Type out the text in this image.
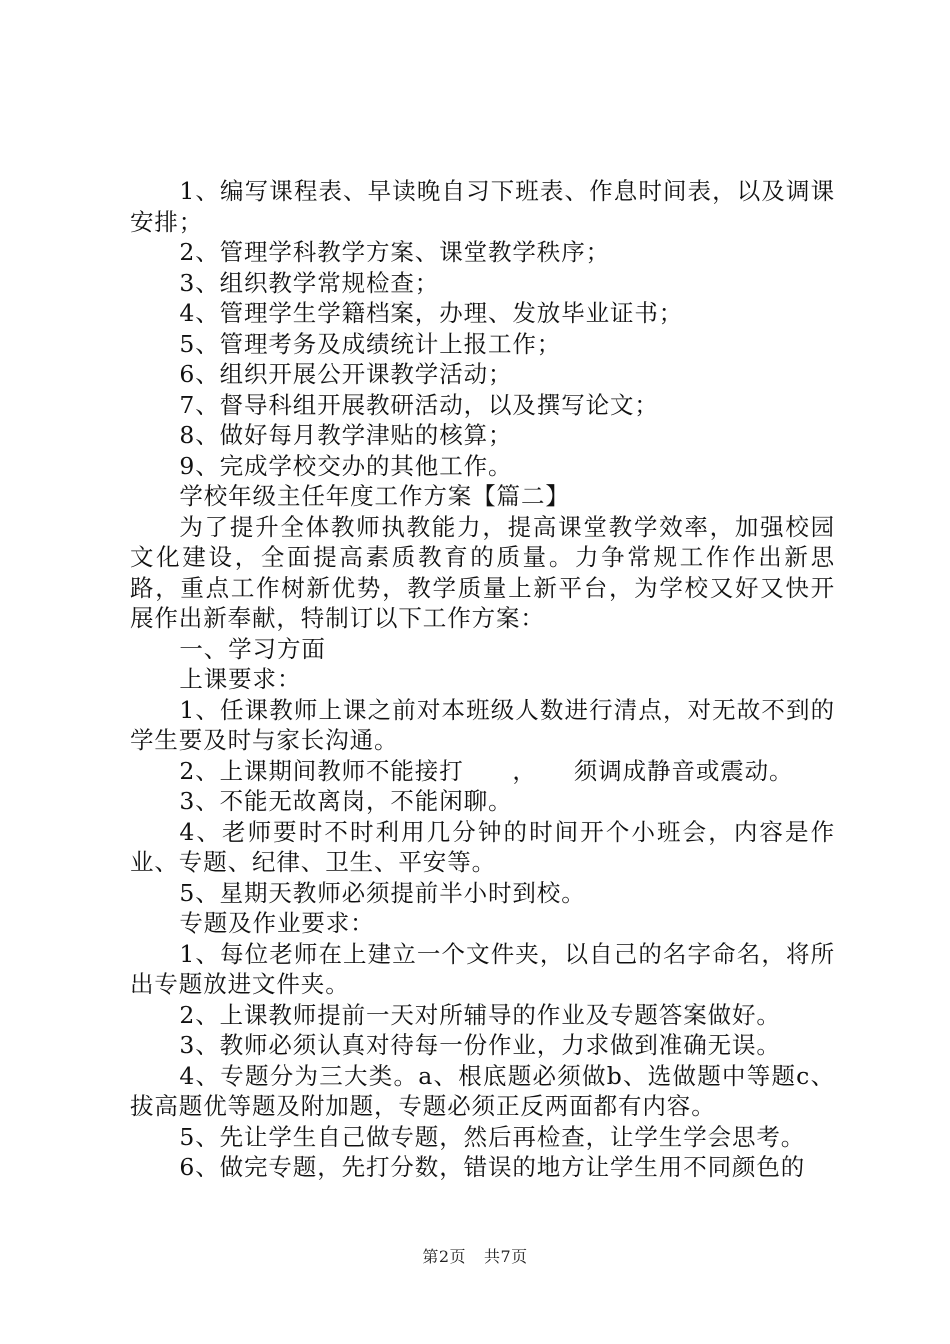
1、编写课程表、早读晚自习下班表、作息时间表，以及调课安排；

2、管理学科教学方案、课堂教学秩序；

3、组织教学常规检查；

4、管理学生学籍档案，办理、发放毕业证书；

5、管理考务及成绩统计上报工作；

6、组织开展公开课教学活动；

7、督导科组开展教研活动，以及撰写论文；

8、做好每月教学津贴的核算；

9、完成学校交办的其他工作。

学校年级主任年度工作方案【篇二】

为了提升全体教师执教能力，提高课堂教学效率，加强校园文化建设，全面提高素质教育的质量。力争常规工作作出新思路，重点工作树新优势，教学质量上新平台，为学校又好又快开展作出新奉献，特制订以下工作方案：

一、学习方面

上课要求：

1、任课教师上课之前对本班级人数进行清点，对无故不到的学生要及时与家长沟通。

2、上课期间教师不能接打　　，　　须调成静音或震动。

3、不能无故离岗，不能闲聊。

4、老师要时不时利用几分钟的时间开个小班会，内容是作业、专题、纪律、卫生、平安等。

5、星期天教师必须提前半小时到校。

专题及作业要求：

1、每位老师在上建立一个文件夹，以自己的名字命名，将所出专题放进文件夹。

2、上课教师提前一天对所辅导的作业及专题答案做好。

3、教师必须认真对待每一份作业，力求做到准确无误。

4、专题分为三大类。a、根底题必须做b、选做题中等题c、拔高题优等题及附加题，专题必须正反两面都有内容。

5、先让学生自己做专题，然后再检查，让学生学会思考。

6、做完专题，先打分数，错误的地方让学生用不同颜色的

第2页 共7页
